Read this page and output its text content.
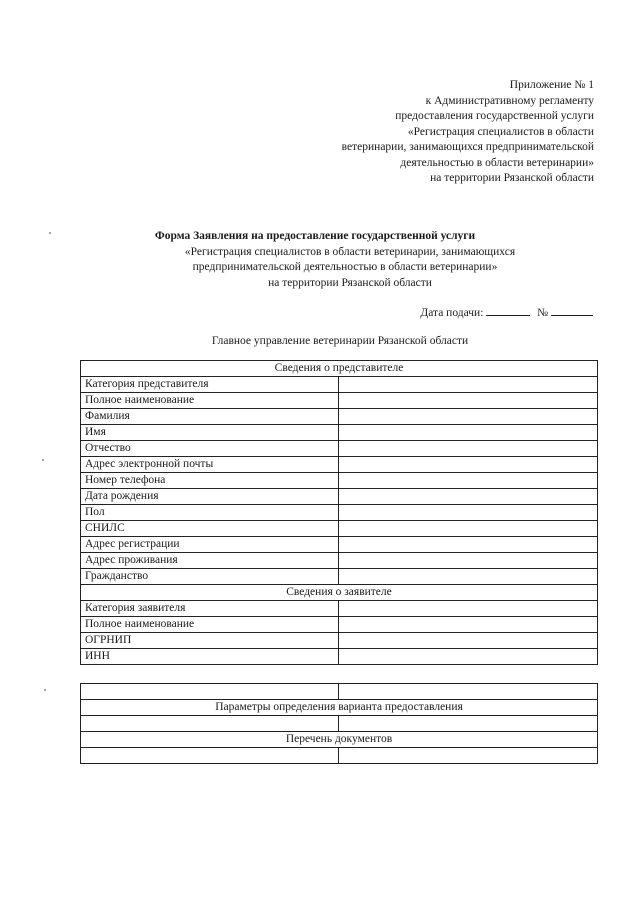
Приложение № 1
к Административному регламенту
предоставления государственной услуги
«Регистрация специалистов в области
ветеринарии, занимающихся предпринимательской
деятельностью в области ветеринарии»
на территории Рязанской области
Форма Заявления на предоставление государственной услуги
«Регистрация специалистов в области ветеринарии, занимающихся
предпринимательской деятельностью в области ветеринарии»
на территории Рязанской области
Дата подачи:	№
Главное управление ветеринарии Рязанской области
Сведения о представителе	
Категория представителя	
Полное наименование	
Фамилия	
Имя	
Отчество	
Адрес электронной почты	
Номер телефона	
Дата рождения	
Пол	
СНИЛС	
Адрес регистрации	
Адрес проживания	
Гражданство	
Сведения о заявителе	
Категория заявителя	
Полное наименование	
ОГРНИП	
ИНН	

Параметры определения варианта предоставления	

Перечень документов	
